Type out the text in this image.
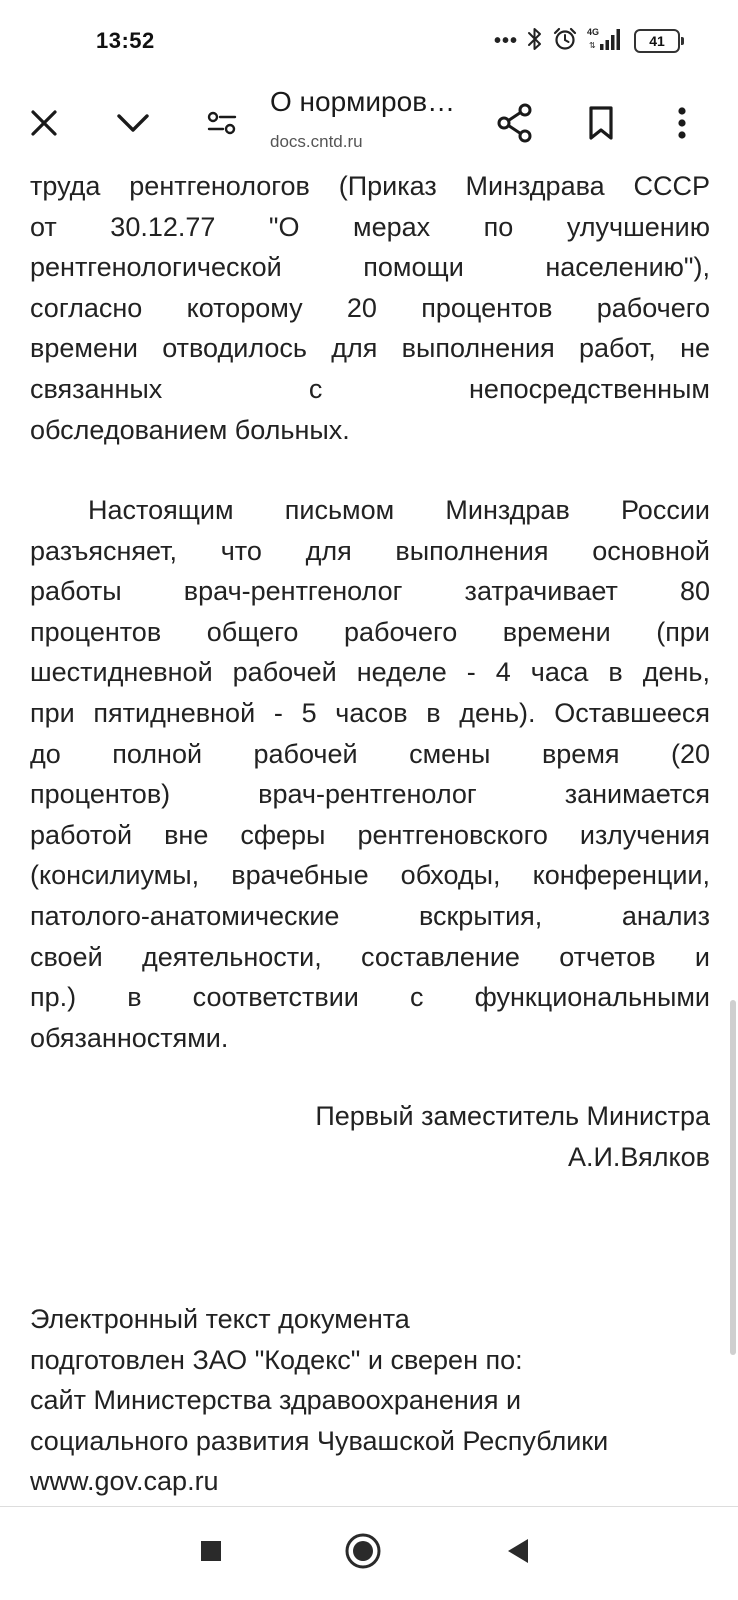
13:52	•••	4G
⇅	41
О нормиров…
docs.cntd.ru
труда рентгенологов (Приказ Минздрава СССР
от 30.12.77 "О мерах по улучшению
рентгенологической помощи населению"),
согласно которому 20 процентов рабочего
времени отводилось для выполнения работ, не
связанных с непосредственным
обследованием больных.
Настоящим письмом Минздрав России
разъясняет, что для выполнения основной
работы врач-рентгенолог затрачивает 80
процентов общего рабочего времени (при
шестидневной рабочей неделе - 4 часа в день,
при пятидневной - 5 часов в день). Оставшееся
до полной рабочей смены время (20
процентов) врач-рентгенолог занимается
работой вне сферы рентгеновского излучения
(консилиумы, врачебные обходы, конференции,
патолого-анатомические вскрытия, анализ
своей деятельности, составление отчетов и
пр.) в соответствии с функциональными
обязанностями.
Первый заместитель Министра
А.И.Вялков
Электронный текст документа
подготовлен ЗАО "Кодекс" и сверен по:
сайт Министерства здравоохранения и
социального развития Чувашской Республики
www.gov.cap.ru
